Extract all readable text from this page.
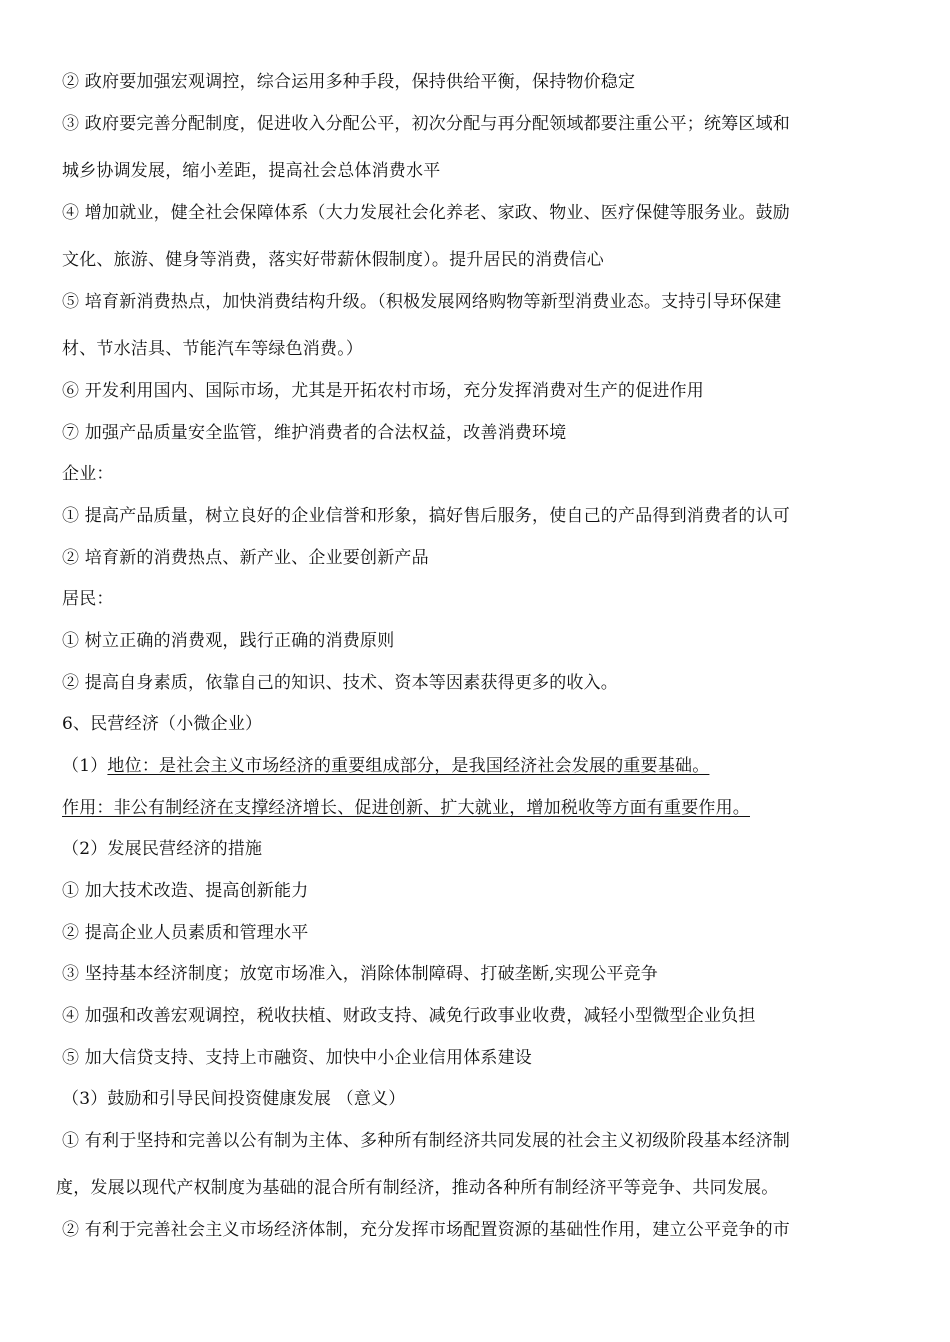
② 政府要加强宏观调控，综合运用多种手段，保持供给平衡，保持物价稳定
③ 政府要完善分配制度，促进收入分配公平，初次分配与再分配领域都要注重公平；统筹区域和
城乡协调发展，缩小差距，提高社会总体消费水平
④ 增加就业，健全社会保障体系（大力发展社会化养老、家政、物业、医疗保健等服务业。鼓励
文化、旅游、健身等消费，落实好带薪休假制度）。提升居民的消费信心
⑤ 培育新消费热点，加快消费结构升级。（积极发展网络购物等新型消费业态。支持引导环保建
材、节水洁具、节能汽车等绿色消费。）
⑥ 开发利用国内、国际市场，尤其是开拓农村市场，充分发挥消费对生产的促进作用
⑦ 加强产品质量安全监管，维护消费者的合法权益，改善消费环境
企业：
① 提高产品质量，树立良好的企业信誉和形象，搞好售后服务，使自己的产品得到消费者的认可
② 培育新的消费热点、新产业、企业要创新产品
居民：
① 树立正确的消费观，践行正确的消费原则
② 提高自身素质，依靠自己的知识、技术、资本等因素获得更多的收入。
6、民营经济（小微企业）
（1）地位：是社会主义市场经济的重要组成部分，是我国经济社会发展的重要基础。
作用：非公有制经济在支撑经济增长、促进创新、扩大就业，增加税收等方面有重要作用。
（2）发展民营经济的措施
① 加大技术改造、提高创新能力
② 提高企业人员素质和管理水平
③ 坚持基本经济制度；放宽市场准入，消除体制障碍、打破垄断,实现公平竞争
④ 加强和改善宏观调控，税收扶植、财政支持、减免行政事业收费，减轻小型微型企业负担
⑤ 加大信贷支持、支持上市融资、加快中小企业信用体系建设
（3）鼓励和引导民间投资健康发展 （意义）
① 有利于坚持和完善以公有制为主体、多种所有制经济共同发展的社会主义初级阶段基本经济制
度，发展以现代产权制度为基础的混合所有制经济，推动各种所有制经济平等竞争、共同发展。
② 有利于完善社会主义市场经济体制，充分发挥市场配置资源的基础性作用，建立公平竞争的市
